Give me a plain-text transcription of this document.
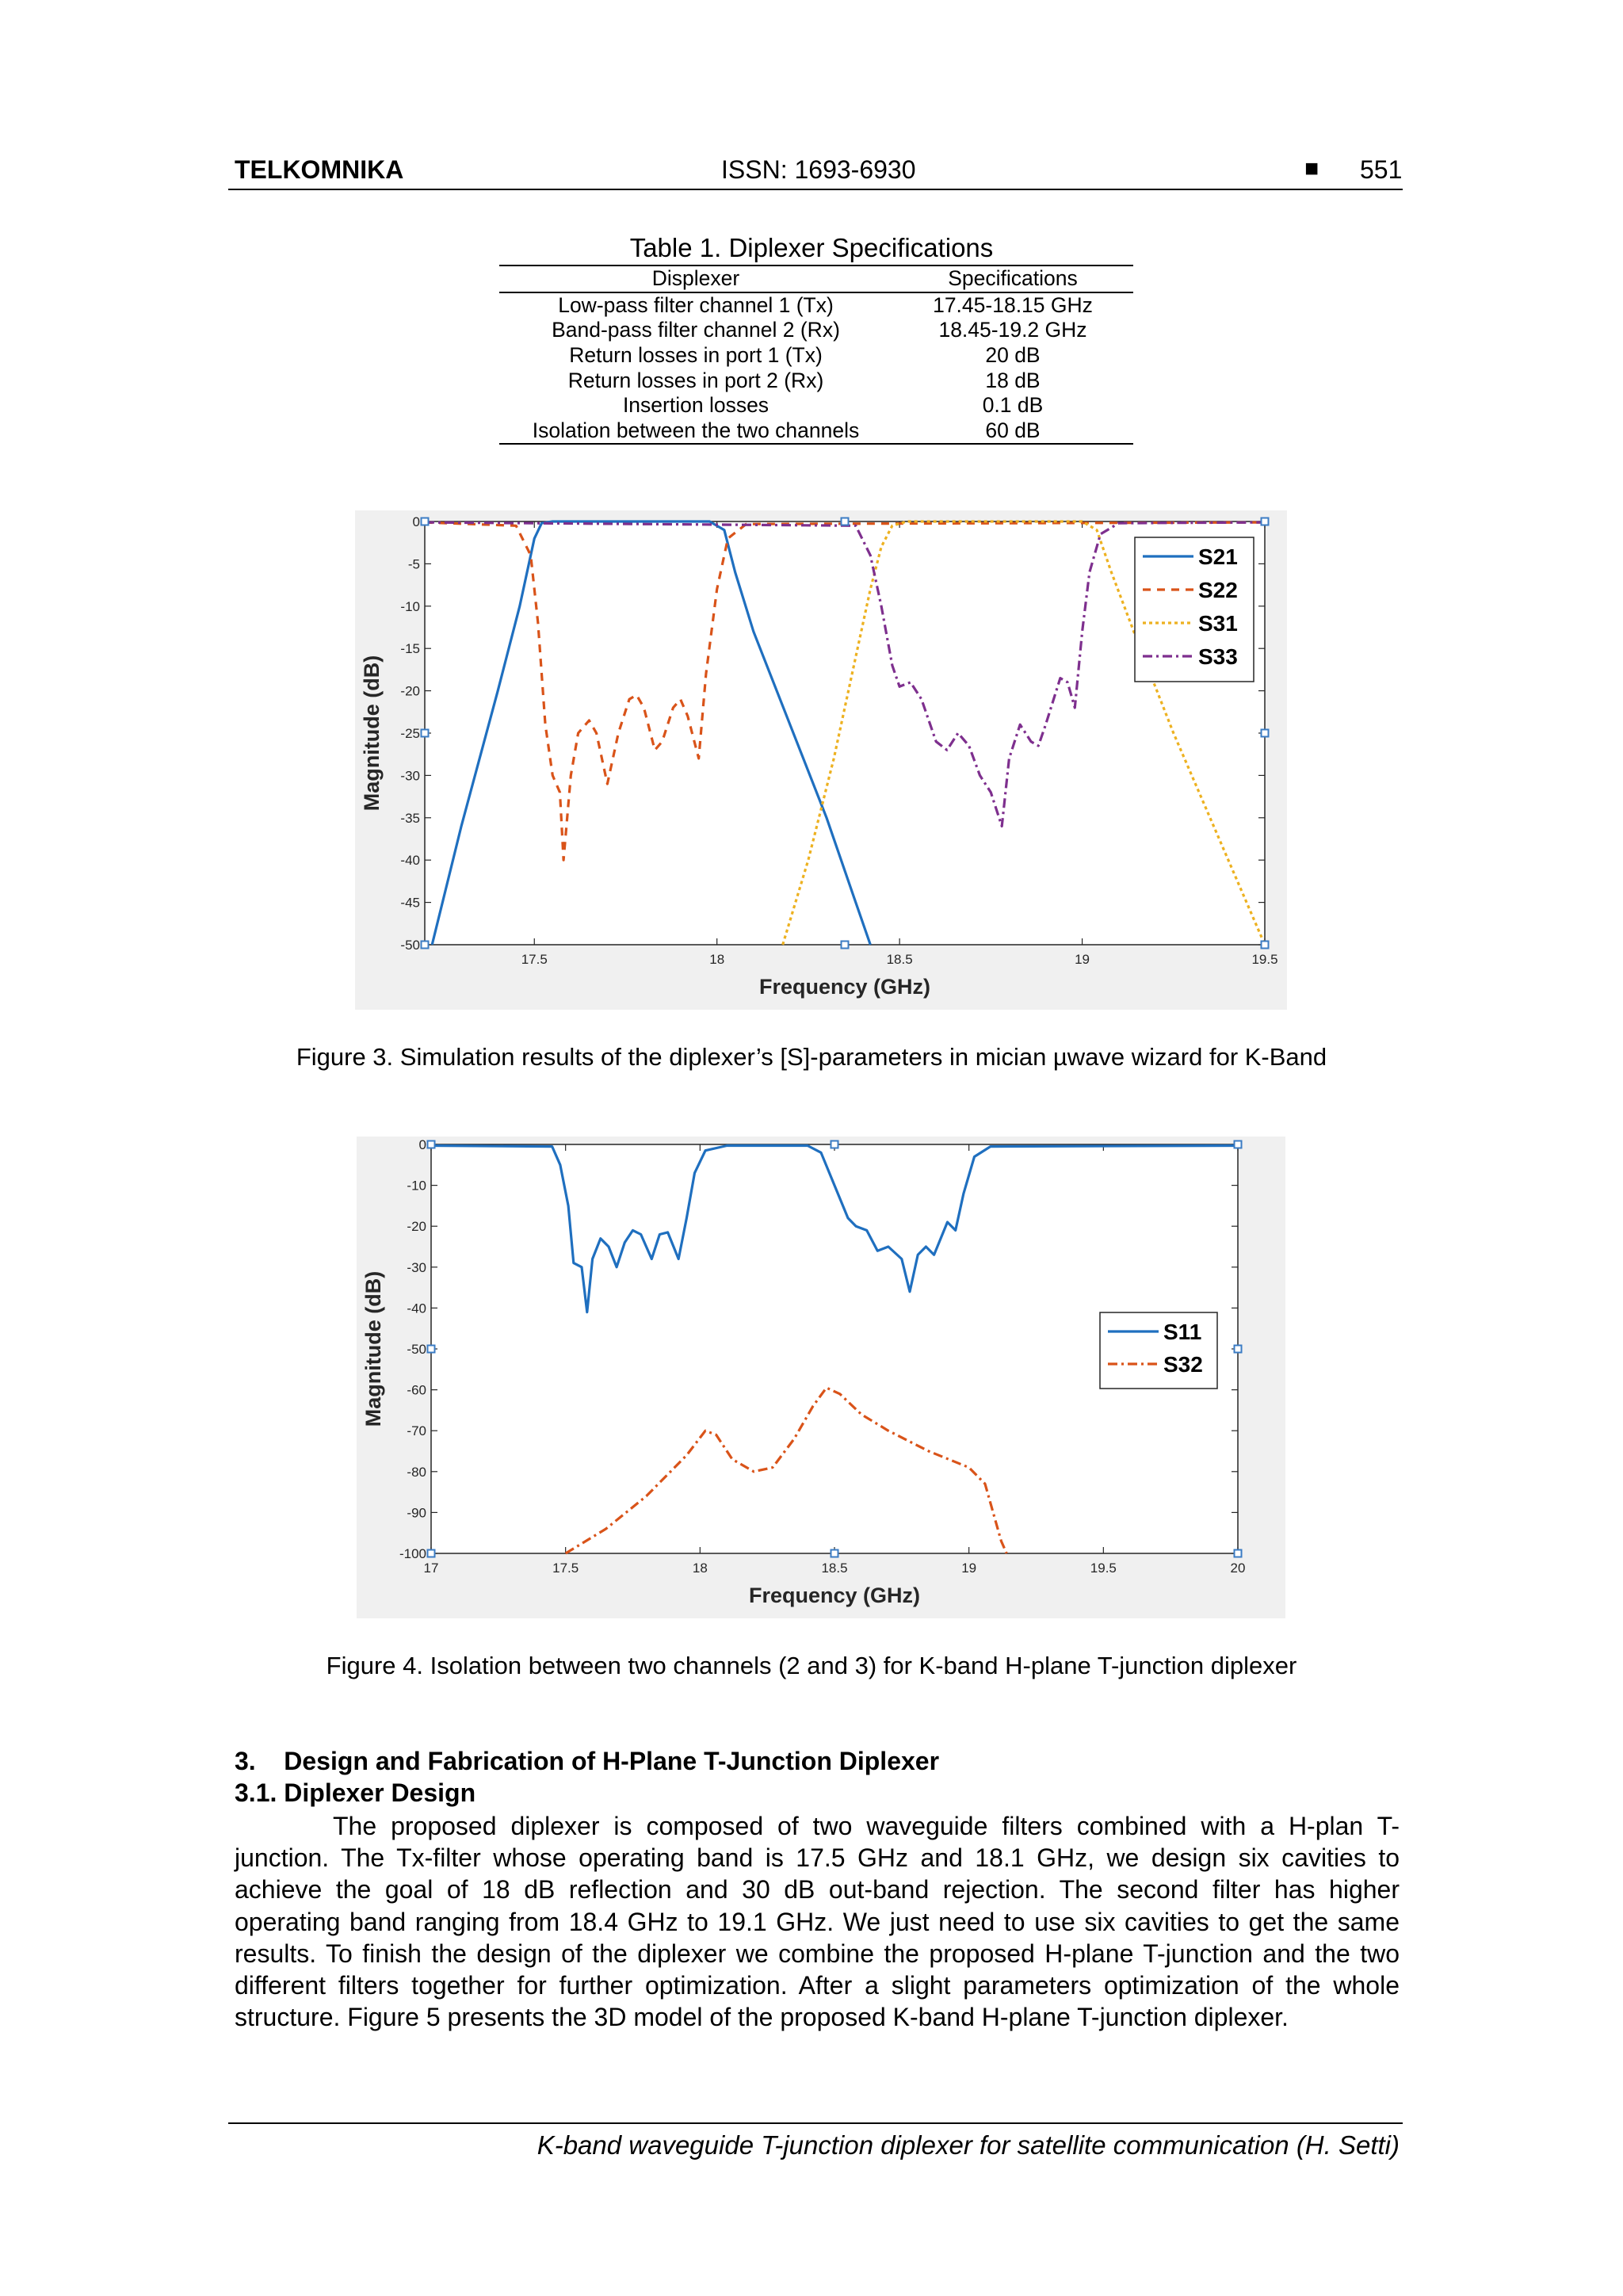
TELKOMNIKA	ISSN: 1693-6930	■ 551
Table 1. Diplexer Specifications
Displexer	Specifications
Low-pass filter channel 1 (Tx)	17.45-18.15 GHz
Band-pass filter channel 2 (Rx)	18.45-19.2 GHz
Return losses in port 1 (Tx)	20 dB
Return losses in port 2 (Rx)	18 dB
Insertion losses	0.1 dB
Isolation between the two channels	60 dB
17.5	18	18.5	19	19.5
0
-5
-10
-15
-20
-25
-30
-35
-40
-45
-50
Frequency (GHz)
Magnitude (dB)
S21
S22
S31
S33
Figure 3. Simulation results of the diplexer’s [S]-parameters in mician µwave wizard for K-Band
17	17.5	18	18.5	19	19.5	20
0
-10
-20
-30
-40
-50
-60
-70
-80
-90
-100
Frequency (GHz)
Magnitude (dB)	S11
S32
Figure 4. Isolation between two channels (2 and 3) for K-band H-plane T-junction diplexer
3.    Design and Fabrication of H-Plane T-Junction Diplexer
3.1. Diplexer Design

The proposed diplexer is composed of two waveguide filters combined with a H-plan T-junction. The Tx-filter whose operating band is 17.5 GHz and 18.1 GHz, we design six cavities to achieve the goal of 18 dB reflection and 30 dB out-band rejection. The second filter has higher operating band ranging from 18.4 GHz to 19.1 GHz. We just need to use six cavities to get the same results. To finish the design of the diplexer we combine the proposed H-plane T-junction and the two different filters together for further optimization. After a slight parameters optimization of the whole structure. Figure 5 presents the 3D model of the proposed K-band H-plane T-junction diplexer.

K-band waveguide T-junction diplexer for satellite communication (H. Setti)
